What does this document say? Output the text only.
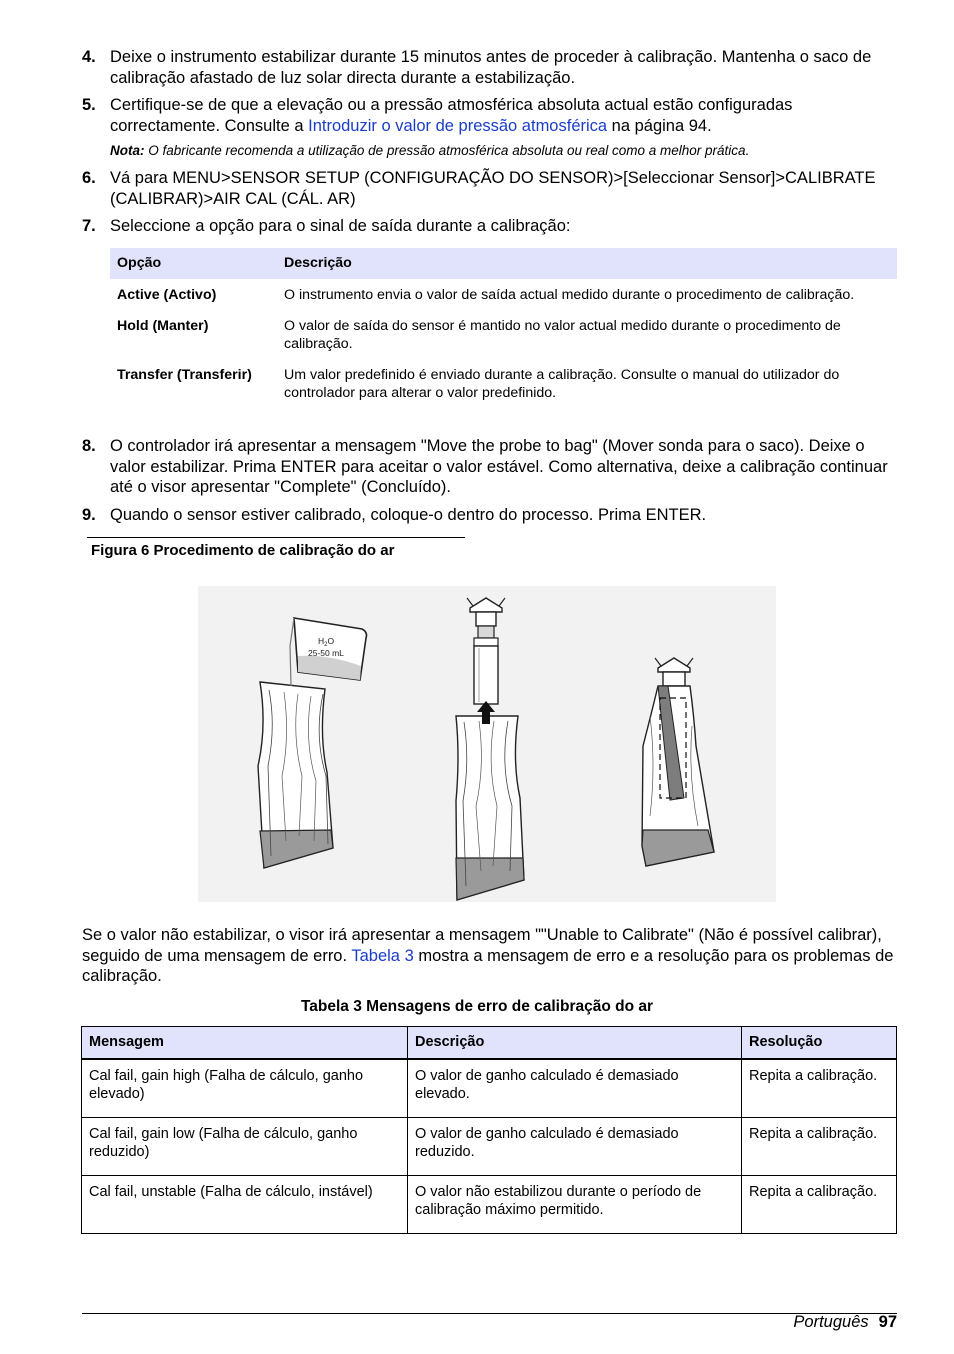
4. Deixe o instrumento estabilizar durante 15 minutos antes de proceder à calibração. Mantenha o saco de calibração afastado de luz solar directa durante a estabilização.
5. Certifique-se de que a elevação ou a pressão atmosférica absoluta actual estão configuradas correctamente. Consulte a Introduzir o valor de pressão atmosférica na página 94.
Nota: O fabricante recomenda a utilização de pressão atmosférica absoluta ou real como a melhor prática.
6. Vá para MENU>SENSOR SETUP (CONFIGURAÇÃO DO SENSOR)>[Seleccionar Sensor]>CALIBRATE (CALIBRAR)>AIR CAL (CÁL. AR)
7. Seleccione a opção para o sinal de saída durante a calibração:
Opção	Descrição
Active (Activo)	O instrumento envia o valor de saída actual medido durante o procedimento de calibração.
Hold (Manter)	O valor de saída do sensor é mantido no valor actual medido durante o procedimento de calibração.
Transfer (Transferir)	Um valor predefinido é enviado durante a calibração. Consulte o manual do utilizador do controlador para alterar o valor predefinido.
8. O controlador irá apresentar a mensagem "Move the probe to bag" (Mover sonda para o saco). Deixe o valor estabilizar. Prima ENTER para aceitar o valor estável. Como alternativa, deixe a calibração continuar até o visor apresentar "Complete" (Concluído).
9. Quando o sensor estiver calibrado, coloque-o dentro do processo. Prima ENTER.
Figura 6 Procedimento de calibração do ar
$H_2O$
25-50 mL
Se o valor não estabilizar, o visor irá apresentar a mensagem ""Unable to Calibrate" (Não é possível calibrar), seguido de uma mensagem de erro. Tabela 3 mostra a mensagem de erro e a resolução para os problemas de calibração.
Tabela 3 Mensagens de erro de calibração do ar
Mensagem	Descrição	Resolução
Cal fail, gain high (Falha de cálculo, ganho elevado)	O valor de ganho calculado é demasiado elevado.	Repita a calibração.
Cal fail, gain low (Falha de cálculo, ganho reduzido)	O valor de ganho calculado é demasiado reduzido.	Repita a calibração.
Cal fail, unstable (Falha de cálculo, instável)	O valor não estabilizou durante o período de calibração máximo permitido.	Repita a calibração.
Português 97
